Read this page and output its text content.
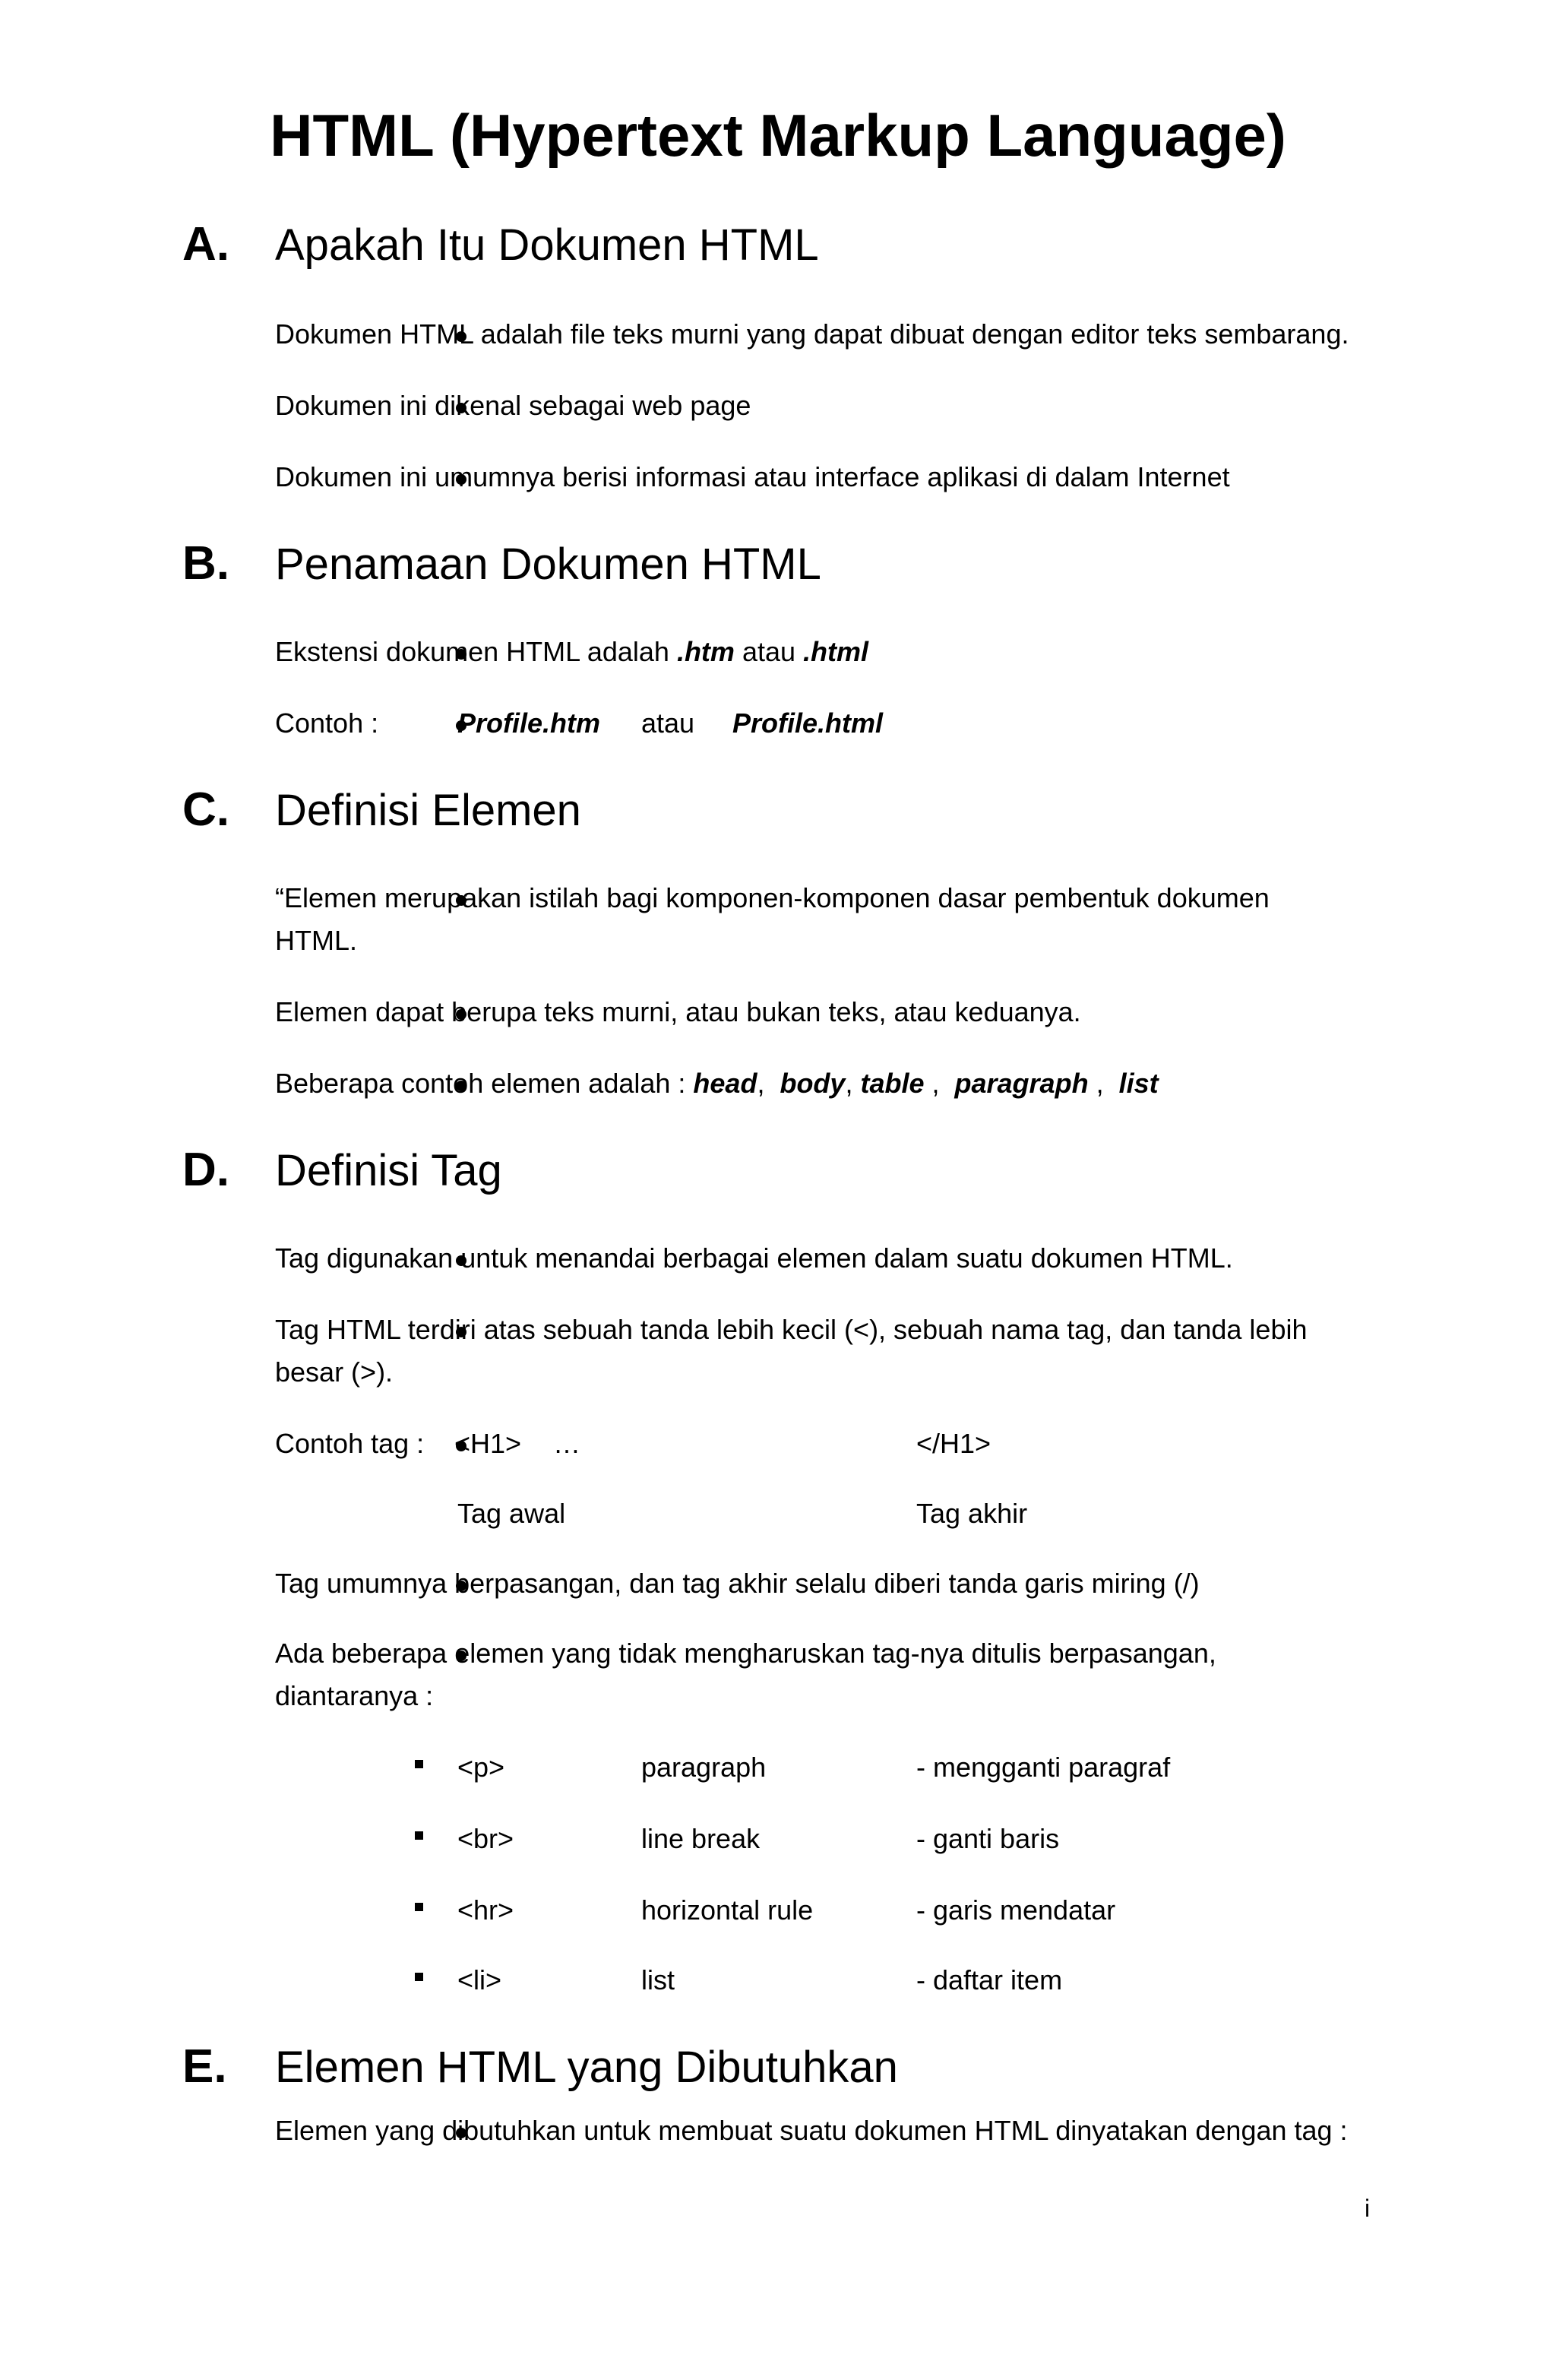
HTML (Hypertext Markup Language)
A. Apakah Itu Dokumen HTML
Dokumen HTML adalah file teks murni yang dapat dibuat dengan editor teks sembarang.
Dokumen ini dikenal sebagai web page
Dokumen ini umumnya berisi informasi atau interface aplikasi di dalam Internet
B. Penamaan Dokumen HTML
Ekstensi dokumen HTML adalah .htm atau .html
Contoh :	Profile.htm atau Profile.html
C. Definisi Elemen
“Elemen merupakan istilah bagi komponen-komponen dasar pembentuk dokumen HTML.
Elemen dapat berupa teks murni, atau bukan teks, atau keduanya.
Beberapa contoh elemen adalah : head,  body, table ,  paragraph ,  list
D. Definisi Tag
Tag digunakan untuk menandai berbagai elemen dalam suatu dokumen HTML.
Tag HTML terdiri atas sebuah tanda lebih kecil (<), sebuah nama tag, dan tanda lebih besar (>).
Contoh tag : <H1> …	</H1>
Tag awal	Tag akhir
Tag umumnya berpasangan, dan tag akhir selalu diberi tanda garis miring (/)
Ada beberapa elemen yang tidak mengharuskan tag-nya ditulis berpasangan, diantaranya :
<p>	paragraph	- mengganti paragraf
<br>	line break	- ganti baris
<hr>	horizontal rule	- garis mendatar
<li>	list	- daftar item
E. Elemen HTML yang Dibutuhkan
Elemen yang dibutuhkan untuk membuat suatu dokumen HTML dinyatakan dengan tag :
i
